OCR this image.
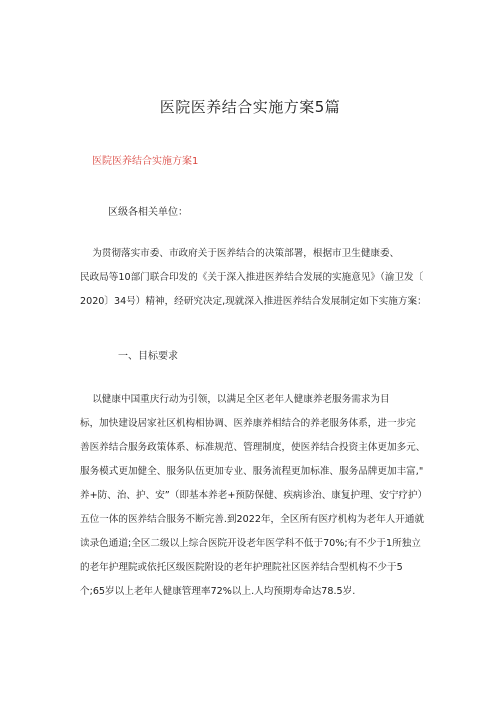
医院医养结合实施方案5篇
医院医养结合实施方案1
区级各相关单位：
为贯彻落实市委、市政府关于医养结合的决策部署，根据市卫生健康委、
民政局等10部门联合印发的《关于深入推进医养结合发展的实施意见》（渝卫发〔
2020〕34号）精神，经研究决定,现就深入推进医养结合发展制定如下实施方案：
一、目标要求
以健康中国重庆行动为引领，以满足全区老年人健康养老服务需求为目
标，加快建设居家社区机构相协调、医养康养相结合的养老服务体系，进一步完
善医养结合服务政策体系、标准规范、管理制度，使医养结合投资主体更加多元、
服务模式更加健全、服务队伍更加专业、服务流程更加标准、服务品牌更加丰富,"
养+防、治、护、安”（即基本养老+预防保健、疾病诊治、康复护理、安宁疗护）
五位一体的医养结合服务不断完善.到2022年，全区所有医疗机构为老年人开通就
读录色通道;全区二级以上综合医院开设老年医学科不低于70%;有不少于1所独立
的老年护理院或依托区级医院附设的老年护理院社区医养结合型机构不少于5
个;65岁以上老年人健康管理率72%以上.人均预期寿命达78.5岁.
